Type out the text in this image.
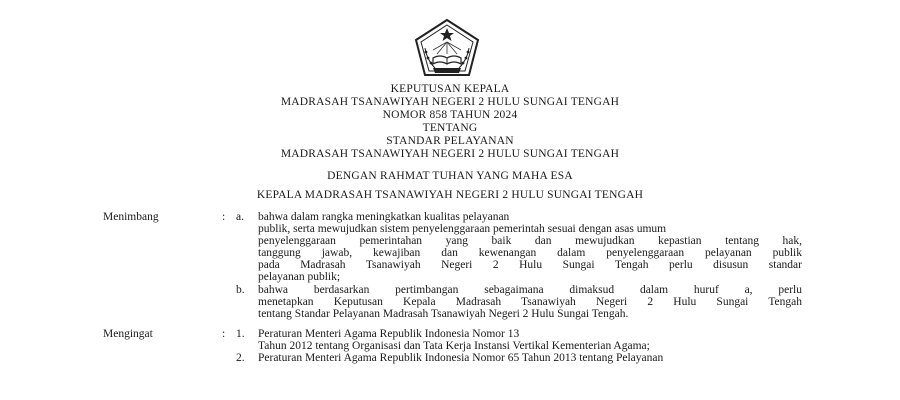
KEPUTUSAN KEPALA
MADRASAH TSANAWIYAH NEGERI 2 HULU SUNGAI TENGAH
NOMOR 858 TAHUN 2024
TENTANG
STANDAR PELAYANAN
MADRASAH TSANAWIYAH NEGERI 2 HULU SUNGAI TENGAH
DENGAN RAHMAT TUHAN YANG MAHA ESA
KEPALA MADRASAH TSANAWIYAH NEGERI 2 HULU SUNGAI TENGAH
Menimbang	: a. bahwa dalam rangka meningkatkan kualitas pelayanan
publik, serta mewujudkan sistem penyelenggaraan pemerintah sesuai dengan asas umum
penyelenggaraan pemerintahan yang baik dan mewujudkan kepastian tentang hak,
tanggung jawab, kewajiban dan kewenangan dalam penyelenggaraan pelayanan publik
pada Madrasah Tsanawiyah Negeri 2 Hulu Sungai Tengah perlu disusun standar
pelayanan publik;
b. bahwa berdasarkan pertimbangan sebagaimana dimaksud dalam huruf a, perlu
menetapkan Keputusan Kepala Madrasah Tsanawiyah Negeri 2 Hulu Sungai Tengah
tentang Standar Pelayanan Madrasah Tsanawiyah Negeri 2 Hulu Sungai Tengah.
Mengingat	: 1. Peraturan Menteri Agama Republik Indonesia Nomor 13
Tahun 2012 tentang Organisasi dan Tata Kerja Instansi Vertikal Kementerian Agama;
2. Peraturan Menteri Agama Republik Indonesia Nomor 65 Tahun 2013 tentang Pelayanan
